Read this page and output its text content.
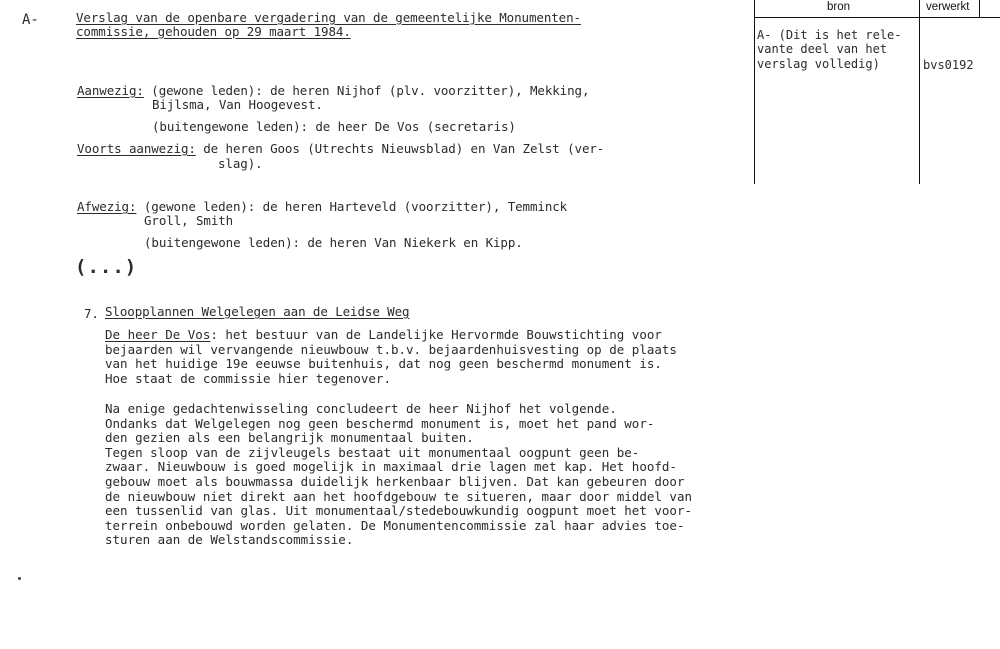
A-	Verslag van de openbare vergadering van de gemeentelijke Monumenten-
commissie, gehouden op 29 maart 1984.
Aanwezig: (gewone leden): de heren Nijhof (plv. voorzitter), Mekking,
Bijlsma, Van Hoogevest.
(buitengewone leden): de heer De Vos (secretaris)
Voorts aanwezig: de heren Goos (Utrechts Nieuwsblad) en Van Zelst (ver-
slag).
Afwezig: (gewone leden): de heren Harteveld (voorzitter), Temminck
Groll, Smith
(buitengewone leden): de heren Van Niekerk en Kipp.
(...)
7. Sloopplannen Welgelegen aan de Leidse Weg
De heer De Vos: het bestuur van de Landelijke Hervormde Bouwstichting voor
bejaarden wil vervangende nieuwbouw t.b.v. bejaardenhuisvesting op de plaats
van het huidige 19e eeuwse buitenhuis, dat nog geen beschermd monument is.
Hoe staat de commissie hier tegenover.
Na enige gedachtenwisseling concludeert de heer Nijhof het volgende.
Ondanks dat Welgelegen nog geen beschermd monument is, moet het pand wor-
den gezien als een belangrijk monumentaal buiten.
Tegen sloop van de zijvleugels bestaat uit monumentaal oogpunt geen be-
zwaar. Nieuwbouw is goed mogelijk in maximaal drie lagen met kap. Het hoofd-
gebouw moet als bouwmassa duidelijk herkenbaar blijven. Dat kan gebeuren door
de nieuwbouw niet direkt aan het hoofdgebouw te situeren, maar door middel van
een tussenlid van glas. Uit monumentaal/stedebouwkundig oogpunt moet het voor-
terrein onbebouwd worden gelaten. De Monumentencommissie zal haar advies toe-
sturen aan de Welstandscommissie.
bron	verwerkt
A- (Dit is het rele-
vante deel van het
verslag volledig)	bvs0192
